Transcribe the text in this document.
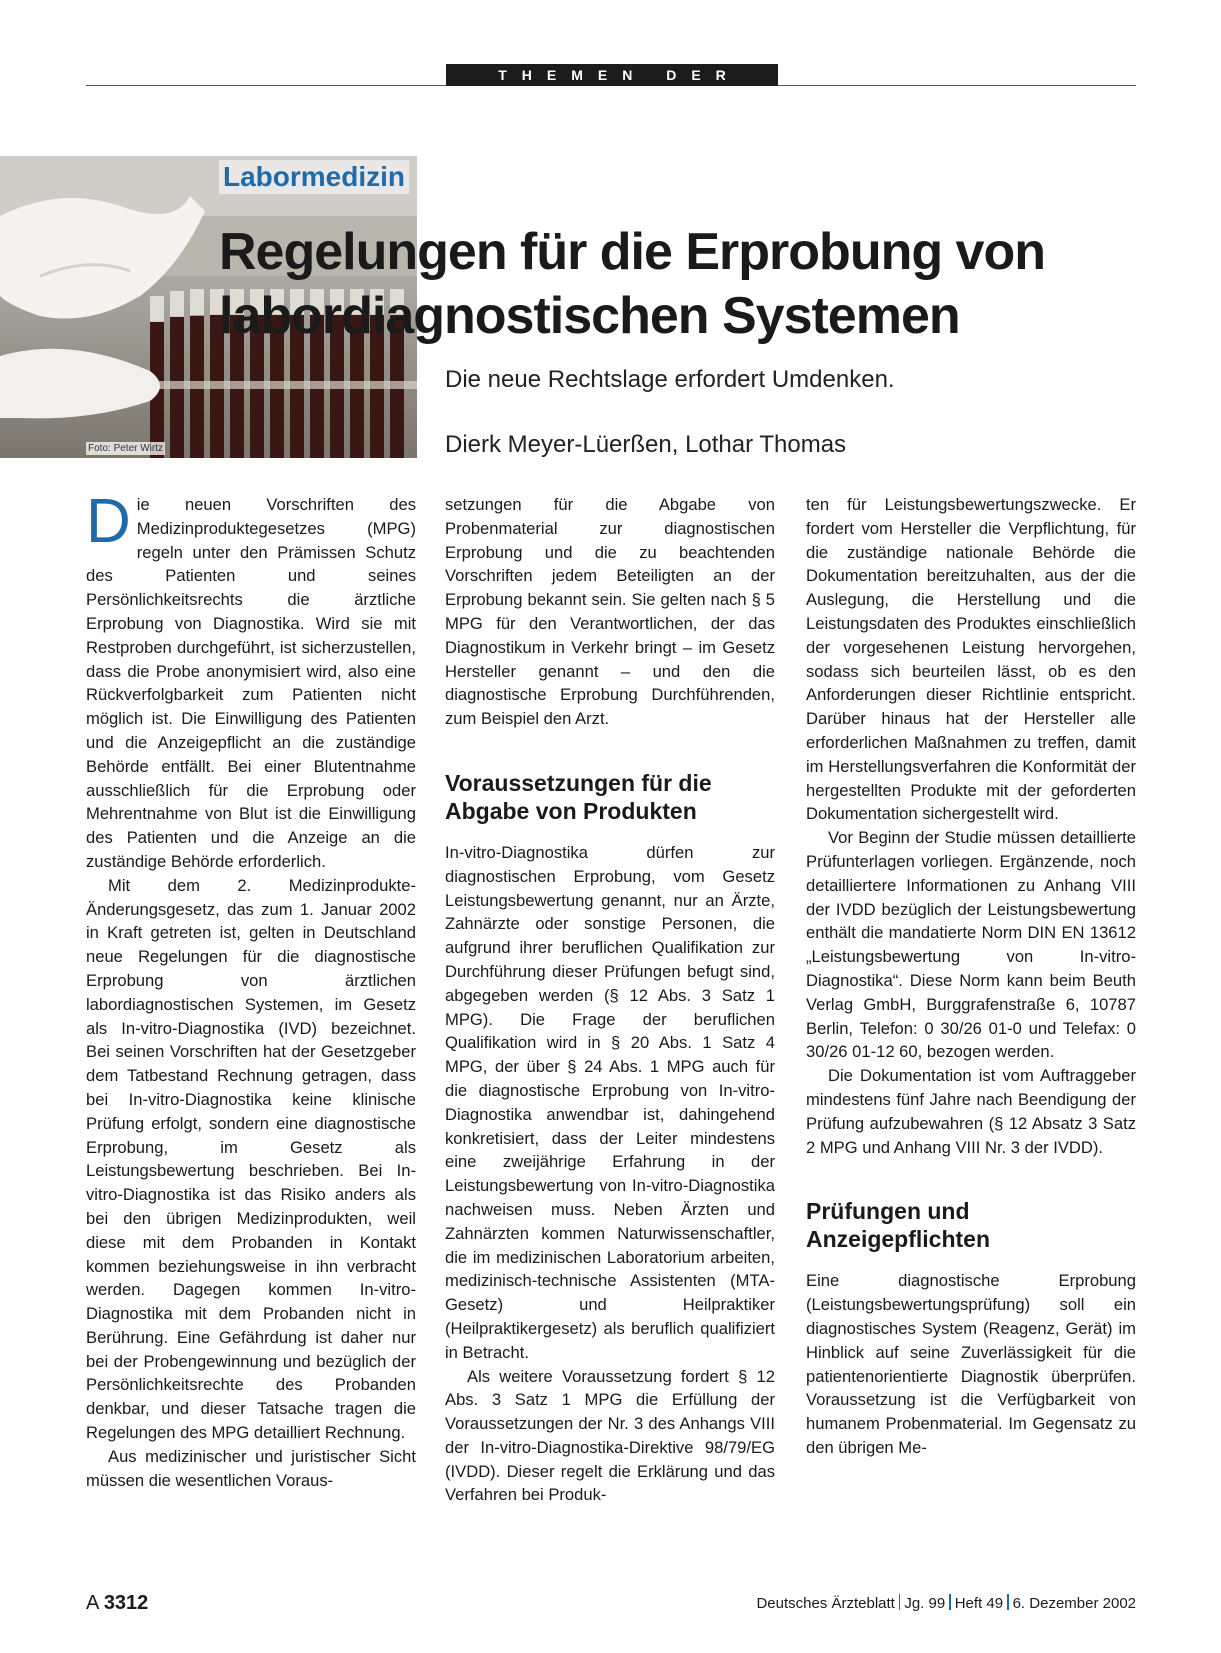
THEMEN DER ZEIT
Foto: Peter Wirtz
Labormedizin
Regelungen für die Erprobung von labordiagnostischen Systemen
Die neue Rechtslage erfordert Umdenken.
Dierk Meyer-Lüerßen, Lothar Thomas

Die neuen Vorschriften des Medizinproduktegesetzes (MPG) regeln unter den Prämissen Schutz des Patienten und seines Persönlichkeitsrechts die ärztliche Erprobung von Diagnostika. Wird sie mit Restproben durchgeführt, ist sicherzustellen, dass die Probe anonymisiert wird, also eine Rückverfolgbarkeit zum Patienten nicht möglich ist. Die Einwilligung des Patienten und die Anzeigepflicht an die zuständige Behörde entfällt. Bei einer Blutentnahme ausschließlich für die Erprobung oder Mehrentnahme von Blut ist die Einwilligung des Patienten und die Anzeige an die zuständige Behörde erforderlich.

Mit dem 2. Medizinprodukte-Änderungsgesetz, das zum 1. Januar 2002 in Kraft getreten ist, gelten in Deutschland neue Regelungen für die diagnostische Erprobung von ärztlichen labordiagnostischen Systemen, im Gesetz als In-vitro-Diagnostika (IVD) bezeichnet. Bei seinen Vorschriften hat der Gesetzgeber dem Tatbestand Rechnung getragen, dass bei In-vitro-Diagnostika keine klinische Prüfung erfolgt, sondern eine diagnostische Erprobung, im Gesetz als Leistungsbewertung beschrieben. Bei In-vitro-Diagnostika ist das Risiko anders als bei den übrigen Medizinprodukten, weil diese mit dem Probanden in Kontakt kommen beziehungsweise in ihn verbracht werden. Dagegen kommen In-vitro-Diagnostika mit dem Probanden nicht in Berührung. Eine Gefährdung ist daher nur bei der Probengewinnung und bezüglich der Persönlichkeitsrechte des Probanden denkbar, und dieser Tatsache tragen die Regelungen des MPG detailliert Rechnung.

Aus medizinischer und juristischer Sicht müssen die wesentlichen Voraus-

setzungen für die Abgabe von Probenmaterial zur diagnostischen Erprobung und die zu beachtenden Vorschriften jedem Beteiligten an der Erprobung bekannt sein. Sie gelten nach § 5 MPG für den Verantwortlichen, der das Diagnostikum in Verkehr bringt – im Gesetz Hersteller genannt – und den die diagnostische Erprobung Durchführenden, zum Beispiel den Arzt.

Voraussetzungen für die Abgabe von Produkten

In-vitro-Diagnostika dürfen zur diagnostischen Erprobung, vom Gesetz Leistungsbewertung genannt, nur an Ärzte, Zahnärzte oder sonstige Personen, die aufgrund ihrer beruflichen Qualifikation zur Durchführung dieser Prüfungen befugt sind, abgegeben werden (§ 12 Abs. 3 Satz 1 MPG). Die Frage der beruflichen Qualifikation wird in § 20 Abs. 1 Satz 4 MPG, der über § 24 Abs. 1 MPG auch für die diagnostische Erprobung von In-vitro-Diagnostika anwendbar ist, dahingehend konkretisiert, dass der Leiter mindestens eine zweijährige Erfahrung in der Leistungsbewertung von In-vitro-Diagnostika nachweisen muss. Neben Ärzten und Zahnärzten kommen Naturwissenschaftler, die im medizinischen Laboratorium arbeiten, medizinisch-technische Assistenten (MTA-Gesetz) und Heilpraktiker (Heilpraktikergesetz) als beruflich qualifiziert in Betracht.

Als weitere Voraussetzung fordert § 12 Abs. 3 Satz 1 MPG die Erfüllung der Voraussetzungen der Nr. 3 des Anhangs VIII der In-vitro-Diagnostika-Direktive 98/79/EG (IVDD). Dieser regelt die Erklärung und das Verfahren bei Produk-

ten für Leistungsbewertungszwecke. Er fordert vom Hersteller die Verpflichtung, für die zuständige nationale Behörde die Dokumentation bereitzuhalten, aus der die Auslegung, die Herstellung und die Leistungsdaten des Produktes einschließlich der vorgesehenen Leistung hervorgehen, sodass sich beurteilen lässt, ob es den Anforderungen dieser Richtlinie entspricht. Darüber hinaus hat der Hersteller alle erforderlichen Maßnahmen zu treffen, damit im Herstellungsverfahren die Konformität der hergestellten Produkte mit der geforderten Dokumentation sichergestellt wird.

Vor Beginn der Studie müssen detaillierte Prüfunterlagen vorliegen. Ergänzende, noch detailliertere Informationen zu Anhang VIII der IVDD bezüglich der Leistungsbewertung enthält die mandatierte Norm DIN EN 13612 „Leistungsbewertung von In-vitro-Diagnostika“. Diese Norm kann beim Beuth Verlag GmbH, Burggrafenstraße 6, 10787 Berlin, Telefon: 0 30/26 01-0 und Telefax: 0 30/26 01-12 60, bezogen werden.

Die Dokumentation ist vom Auftraggeber mindestens fünf Jahre nach Beendigung der Prüfung aufzubewahren (§ 12 Absatz 3 Satz 2 MPG und Anhang VIII Nr. 3 der IVDD).

Prüfungen und Anzeigepflichten

Eine diagnostische Erprobung (Leistungsbewertungsprüfung) soll ein diagnostisches System (Reagenz, Gerät) im Hinblick auf seine Zuverlässigkeit für die patientenorientierte Diagnostik überprüfen. Voraussetzung ist die Verfügbarkeit von humanem Probenmaterial. Im Gegensatz zu den übrigen Me-

A 3312	Deutsches Ärzteblatt Jg. 99 Heft 49 6. Dezember 2002
